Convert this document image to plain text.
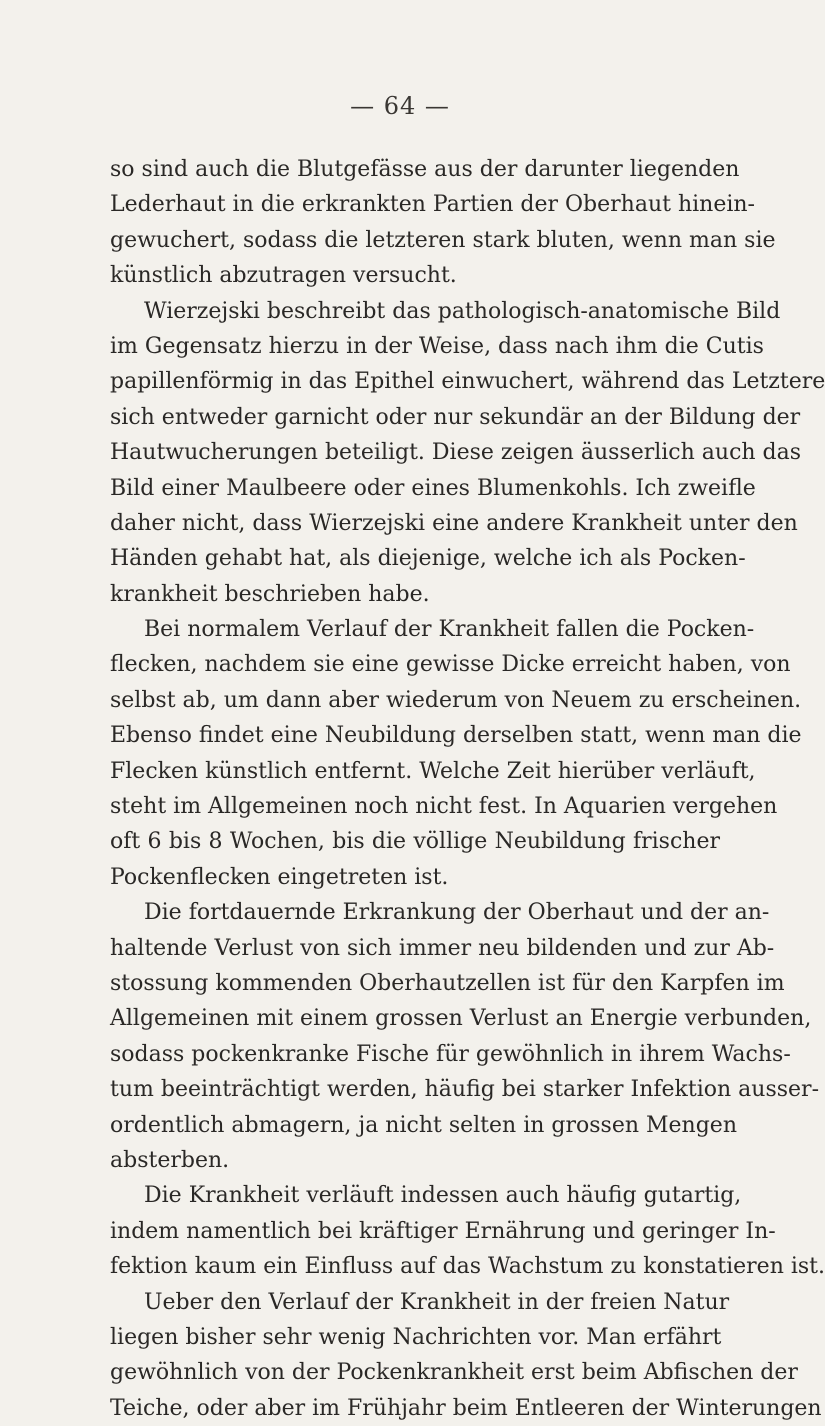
— 64 —
so sind auch die Blutgefässe aus der darunter liegenden
Lederhaut in die erkrankten Partien der Oberhaut hinein-
gewuchert, sodass die letzteren stark bluten, wenn man sie
künstlich abzutragen versucht.
Wierzejski beschreibt das pathologisch-anatomische Bild
im Gegensatz hierzu in der Weise, dass nach ihm die Cutis
papillenförmig in das Epithel einwuchert, während das Letztere
sich entweder garnicht oder nur sekundär an der Bildung der
Hautwucherungen beteiligt. Diese zeigen äusserlich auch das
Bild einer Maulbeere oder eines Blumenkohls. Ich zweifle
daher nicht, dass Wierzejski eine andere Krankheit unter den
Händen gehabt hat, als diejenige, welche ich als Pocken-
krankheit beschrieben habe.
Bei normalem Verlauf der Krankheit fallen die Pocken-
flecken, nachdem sie eine gewisse Dicke erreicht haben, von
selbst ab, um dann aber wiederum von Neuem zu erscheinen.
Ebenso findet eine Neubildung derselben statt, wenn man die
Flecken künstlich entfernt. Welche Zeit hierüber verläuft,
steht im Allgemeinen noch nicht fest. In Aquarien vergehen
oft 6 bis 8 Wochen, bis die völlige Neubildung frischer
Pockenflecken eingetreten ist.
Die fortdauernde Erkrankung der Oberhaut und der an-
haltende Verlust von sich immer neu bildenden und zur Ab-
stossung kommenden Oberhautzellen ist für den Karpfen im
Allgemeinen mit einem grossen Verlust an Energie verbunden,
sodass pockenkranke Fische für gewöhnlich in ihrem Wachs-
tum beeinträchtigt werden, häufig bei starker Infektion ausser-
ordentlich abmagern, ja nicht selten in grossen Mengen
absterben.
Die Krankheit verläuft indessen auch häufig gutartig,
indem namentlich bei kräftiger Ernährung und geringer In-
fektion kaum ein Einfluss auf das Wachstum zu konstatieren ist.
Ueber den Verlauf der Krankheit in der freien Natur
liegen bisher sehr wenig Nachrichten vor. Man erfährt
gewöhnlich von der Pockenkrankheit erst beim Abfischen der
Teiche, oder aber im Frühjahr beim Entleeren der Winterungen
